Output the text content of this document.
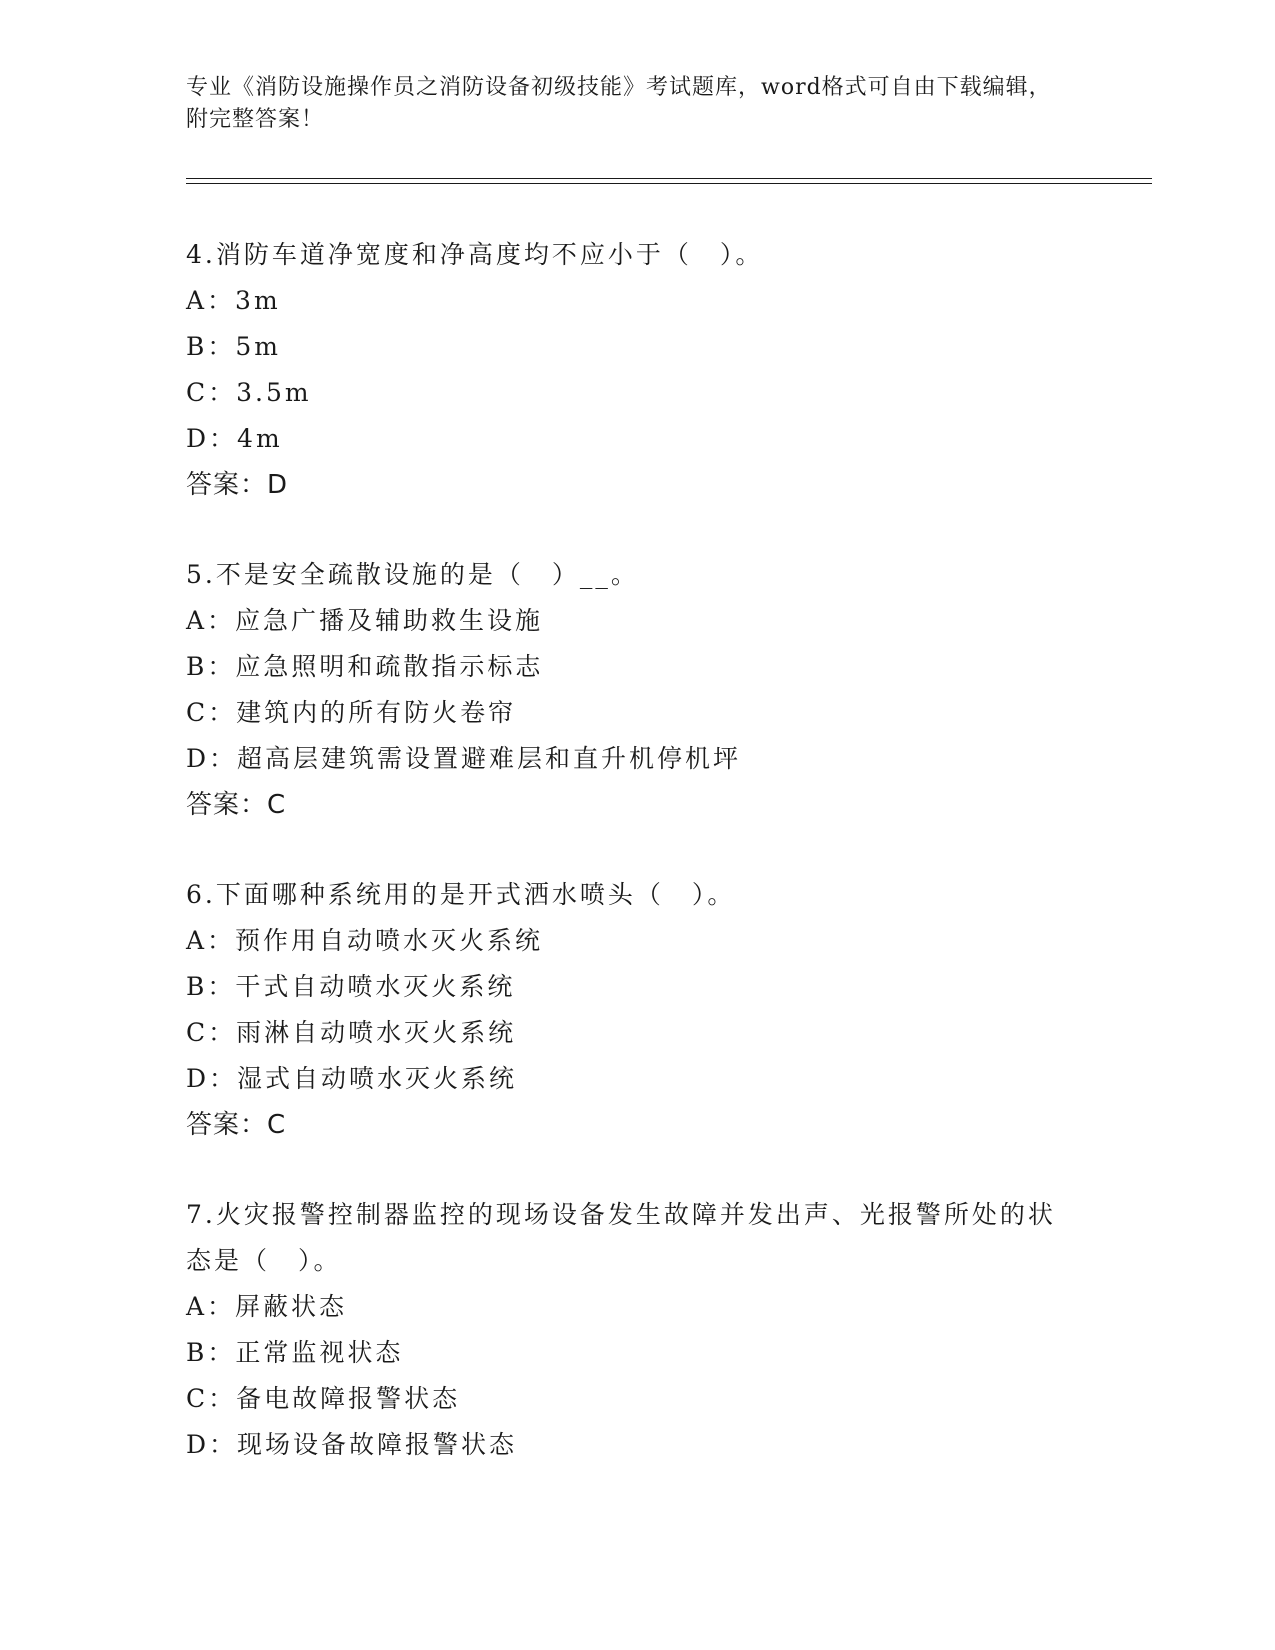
专业《消防设施操作员之消防设备初级技能》考试题库，word格式可自由下载编辑，附完整答案！
4.消防车道净宽度和净高度均不应小于（　）。
A：3m
B：5m
C：3.5m
D：4m
答案：D
5.不是安全疏散设施的是（　）__。
A：应急广播及辅助救生设施
B：应急照明和疏散指示标志
C：建筑内的所有防火卷帘
D：超高层建筑需设置避难层和直升机停机坪
答案：C
6.下面哪种系统用的是开式洒水喷头（　）。
A：预作用自动喷水灭火系统
B：干式自动喷水灭火系统
C：雨淋自动喷水灭火系统
D：湿式自动喷水灭火系统
答案：C
7.火灾报警控制器监控的现场设备发生故障并发出声、光报警所处的状态是（　）。
A：屏蔽状态
B：正常监视状态
C：备电故障报警状态
D：现场设备故障报警状态
